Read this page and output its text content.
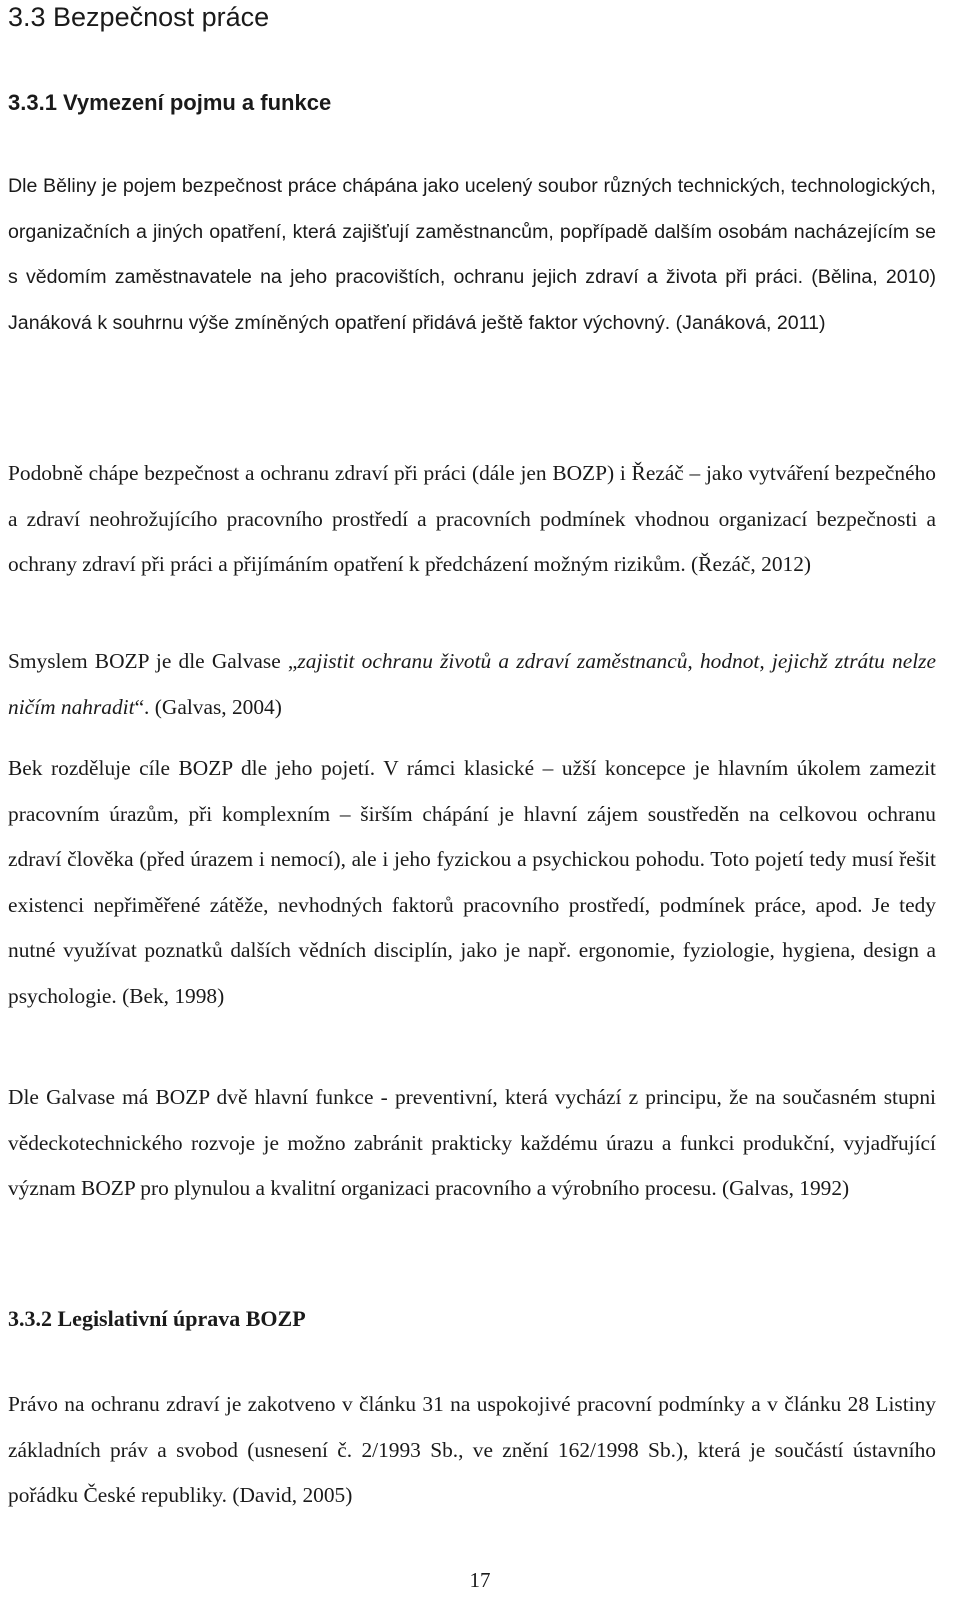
3.3 Bezpečnost práce
3.3.1 Vymezení pojmu a funkce

Dle Běliny je pojem bezpečnost práce chápána jako ucelený soubor různých technických, technologických, organizačních a jiných opatření, která zajišťují zaměstnancům, popřípadě dalším osobám nacházejícím se s vědomím zaměstnavatele na jeho pracovištích, ochranu jejich zdraví a života při práci. (Bělina, 2010) Janáková k souhrnu výše zmíněných opatření přidává ještě faktor výchovný. (Janáková, 2011)

Podobně chápe bezpečnost a ochranu zdraví při práci (dále jen BOZP) i Řezáč – jako vytváření bezpečného a zdraví neohrožujícího pracovního prostředí a pracovních podmínek vhodnou organizací bezpečnosti a ochrany zdraví při práci a přijímáním opatření k předcházení možným rizikům. (Řezáč, 2012)

Smyslem BOZP je dle Galvase „zajistit ochranu životů a zdraví zaměstnanců, hodnot, jejichž ztrátu nelze ničím nahradit“. (Galvas, 2004)

Bek rozděluje cíle BOZP dle jeho pojetí. V rámci klasické – užší koncepce je hlavním úkolem zamezit pracovním úrazům, při komplexním – širším chápání je hlavní zájem soustředěn na celkovou ochranu zdraví člověka (před úrazem i nemocí), ale i jeho fyzickou a psychickou pohodu. Toto pojetí tedy musí řešit existenci nepřiměřené zátěže, nevhodných faktorů pracovního prostředí, podmínek práce, apod. Je tedy nutné využívat poznatků dalších vědních disciplín, jako je např. ergonomie, fyziologie, hygiena, design a psychologie. (Bek, 1998)

Dle Galvase má BOZP dvě hlavní funkce - preventivní, která vychází z principu, že na současném stupni vědeckotechnického rozvoje je možno zabránit prakticky každému úrazu a funkci produkční, vyjadřující význam BOZP pro plynulou a kvalitní organizaci pracovního a výrobního procesu. (Galvas, 1992)

3.3.2 Legislativní úprava BOZP

Právo na ochranu zdraví je zakotveno v článku 31 na uspokojivé pracovní podmínky a v článku 28 Listiny základních práv a svobod (usnesení č. 2/1993 Sb., ve znění 162/1998 Sb.), která je součástí ústavního pořádku České republiky. (David, 2005)

17
